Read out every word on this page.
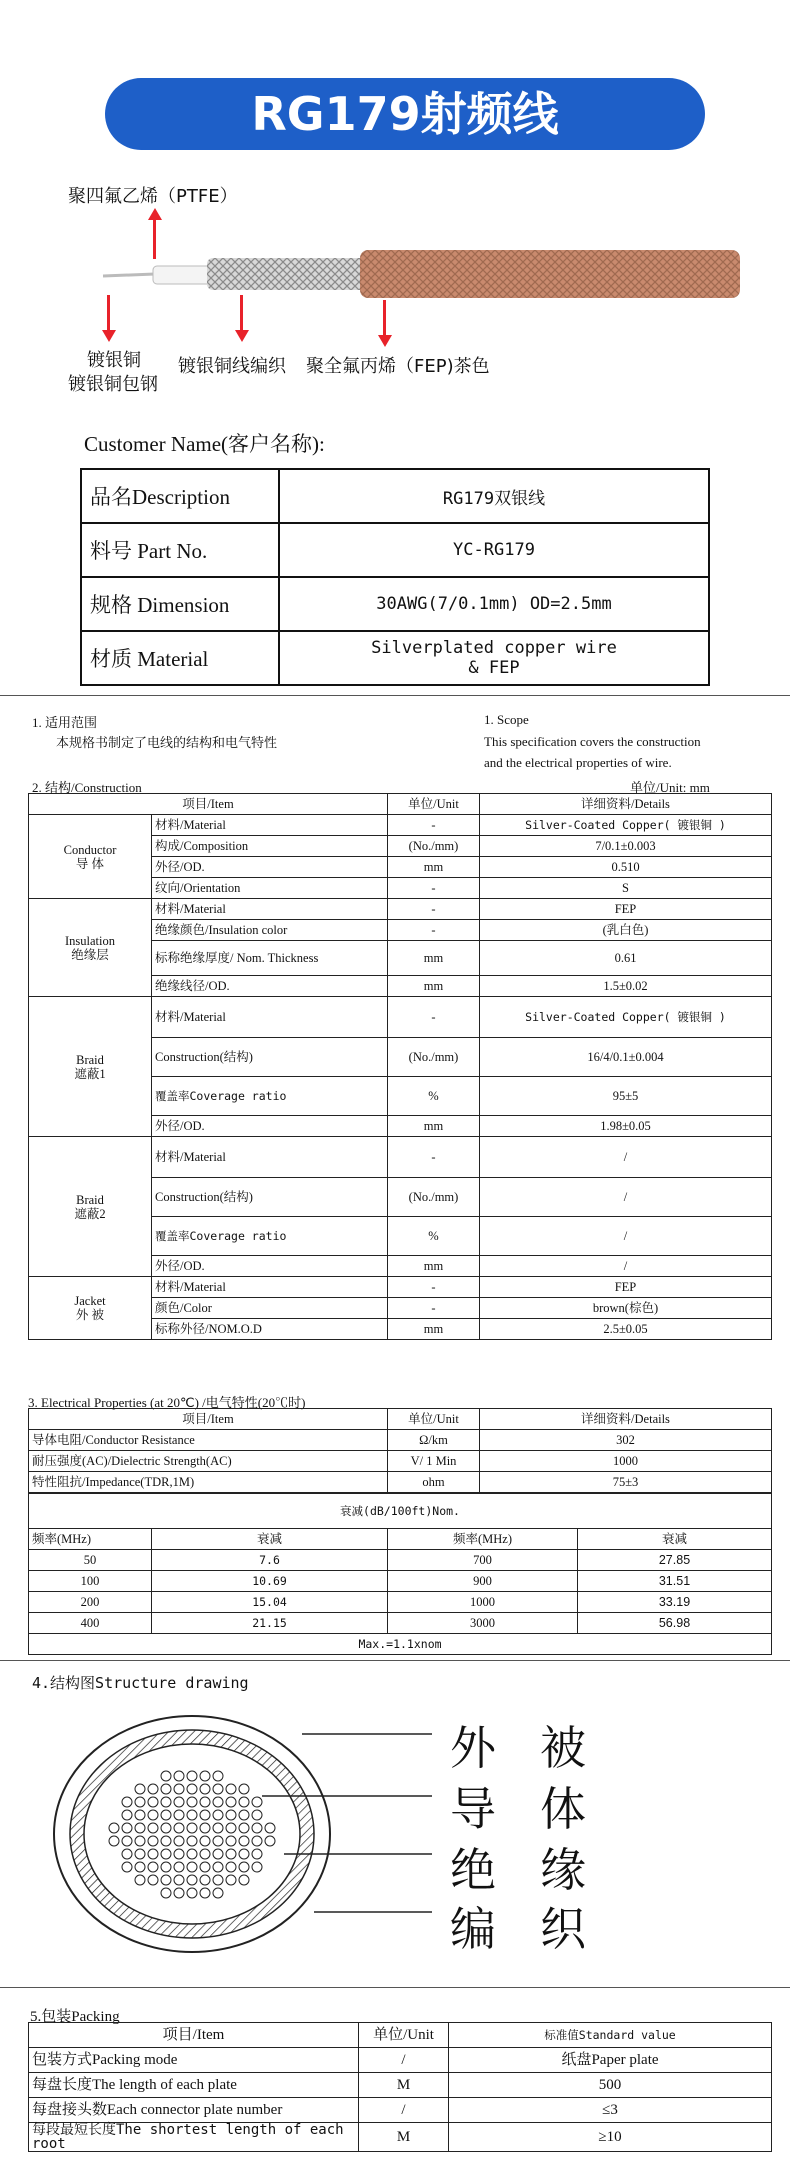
RG179射频线
聚四氟乙烯（PTFE）
镀银铜
镀银铜包钢
镀银铜线编织 聚全氟丙烯（FEP)茶色
Customer Name(客户名称):
品名Description	RG179双银线
料号 Part No.	YC-RG179
规格 Dimension	30AWG(7/0.1mm) OD=2.5mm
材质 Material	Silverplated copper wire
& FEP
1. 适用范围
本规格书制定了电线的结构和电气特性
1. Scope
This specification covers the construction
and the electrical properties of wire.
2. 结构/Construction	单位/Unit: mm
项目/Item		单位/Unit	详细资料/Details

Conductor
导 体	材料/Material	-	Silver-Coated Copper( 镀银铜 )
	构成/Composition	(No./mm)	7/0.1±0.003
	外径/OD.	mm	0.510
	纹向/Orientation	-	S

Insulation
绝缘层	材料/Material	-	FEP
	绝缘颜色/Insulation color	-	(乳白色)
	标称绝缘厚度/ Nom. Thickness	mm	0.61
	绝缘线径/OD.	mm	1.5±0.02

Braid
遮蔽1	材料/Material	-	Silver-Coated Copper( 镀银铜 )
	Construction(结构)	(No./mm)	16/4/0.1±0.004
	覆盖率Coverage ratio	%	95±5
	外径/OD.	mm	1.98±0.05

Braid
遮蔽2	材料/Material	-	/
	Construction(结构)	(No./mm)	/
	覆盖率Coverage ratio	%	/
	外径/OD.	mm	/

Jacket
外 被	材料/Material	-	FEP
	颜色/Color	-	brown(棕色)
	标称外径/NOM.O.D	mm	2.5±0.05
3. Electrical Properties (at 20℃) /电气特性(20℃时)
项目/Item	单位/Unit	详细资料/Details
导体电阻/Conductor Resistance	Ω/km	302
耐压强度(AC)/Dielectric Strength(AC)	V/ 1 Min	1000
特性阻抗/Impedance(TDR,1M)	ohm	75±3
衰减(dB/100ft)Nom.			
频率(MHz)	衰减	频率(MHz)	衰减
50	7.6	700	27.85
100	10.69	900	31.51
200	15.04	1000	33.19
400	21.15	3000	56.98
Max.=1.1xnom			
4.结构图Structure drawing
外 被
导 体
绝 缘
编 织
5.包装Packing
项目/Item	单位/Unit	标准值Standard value
包装方式Packing mode	/	纸盘Paper plate
每盘长度The length of each plate	M	500
每盘接头数Each connector plate number	/	≤3
每段最短长度The shortest length of each root	M	≥10
